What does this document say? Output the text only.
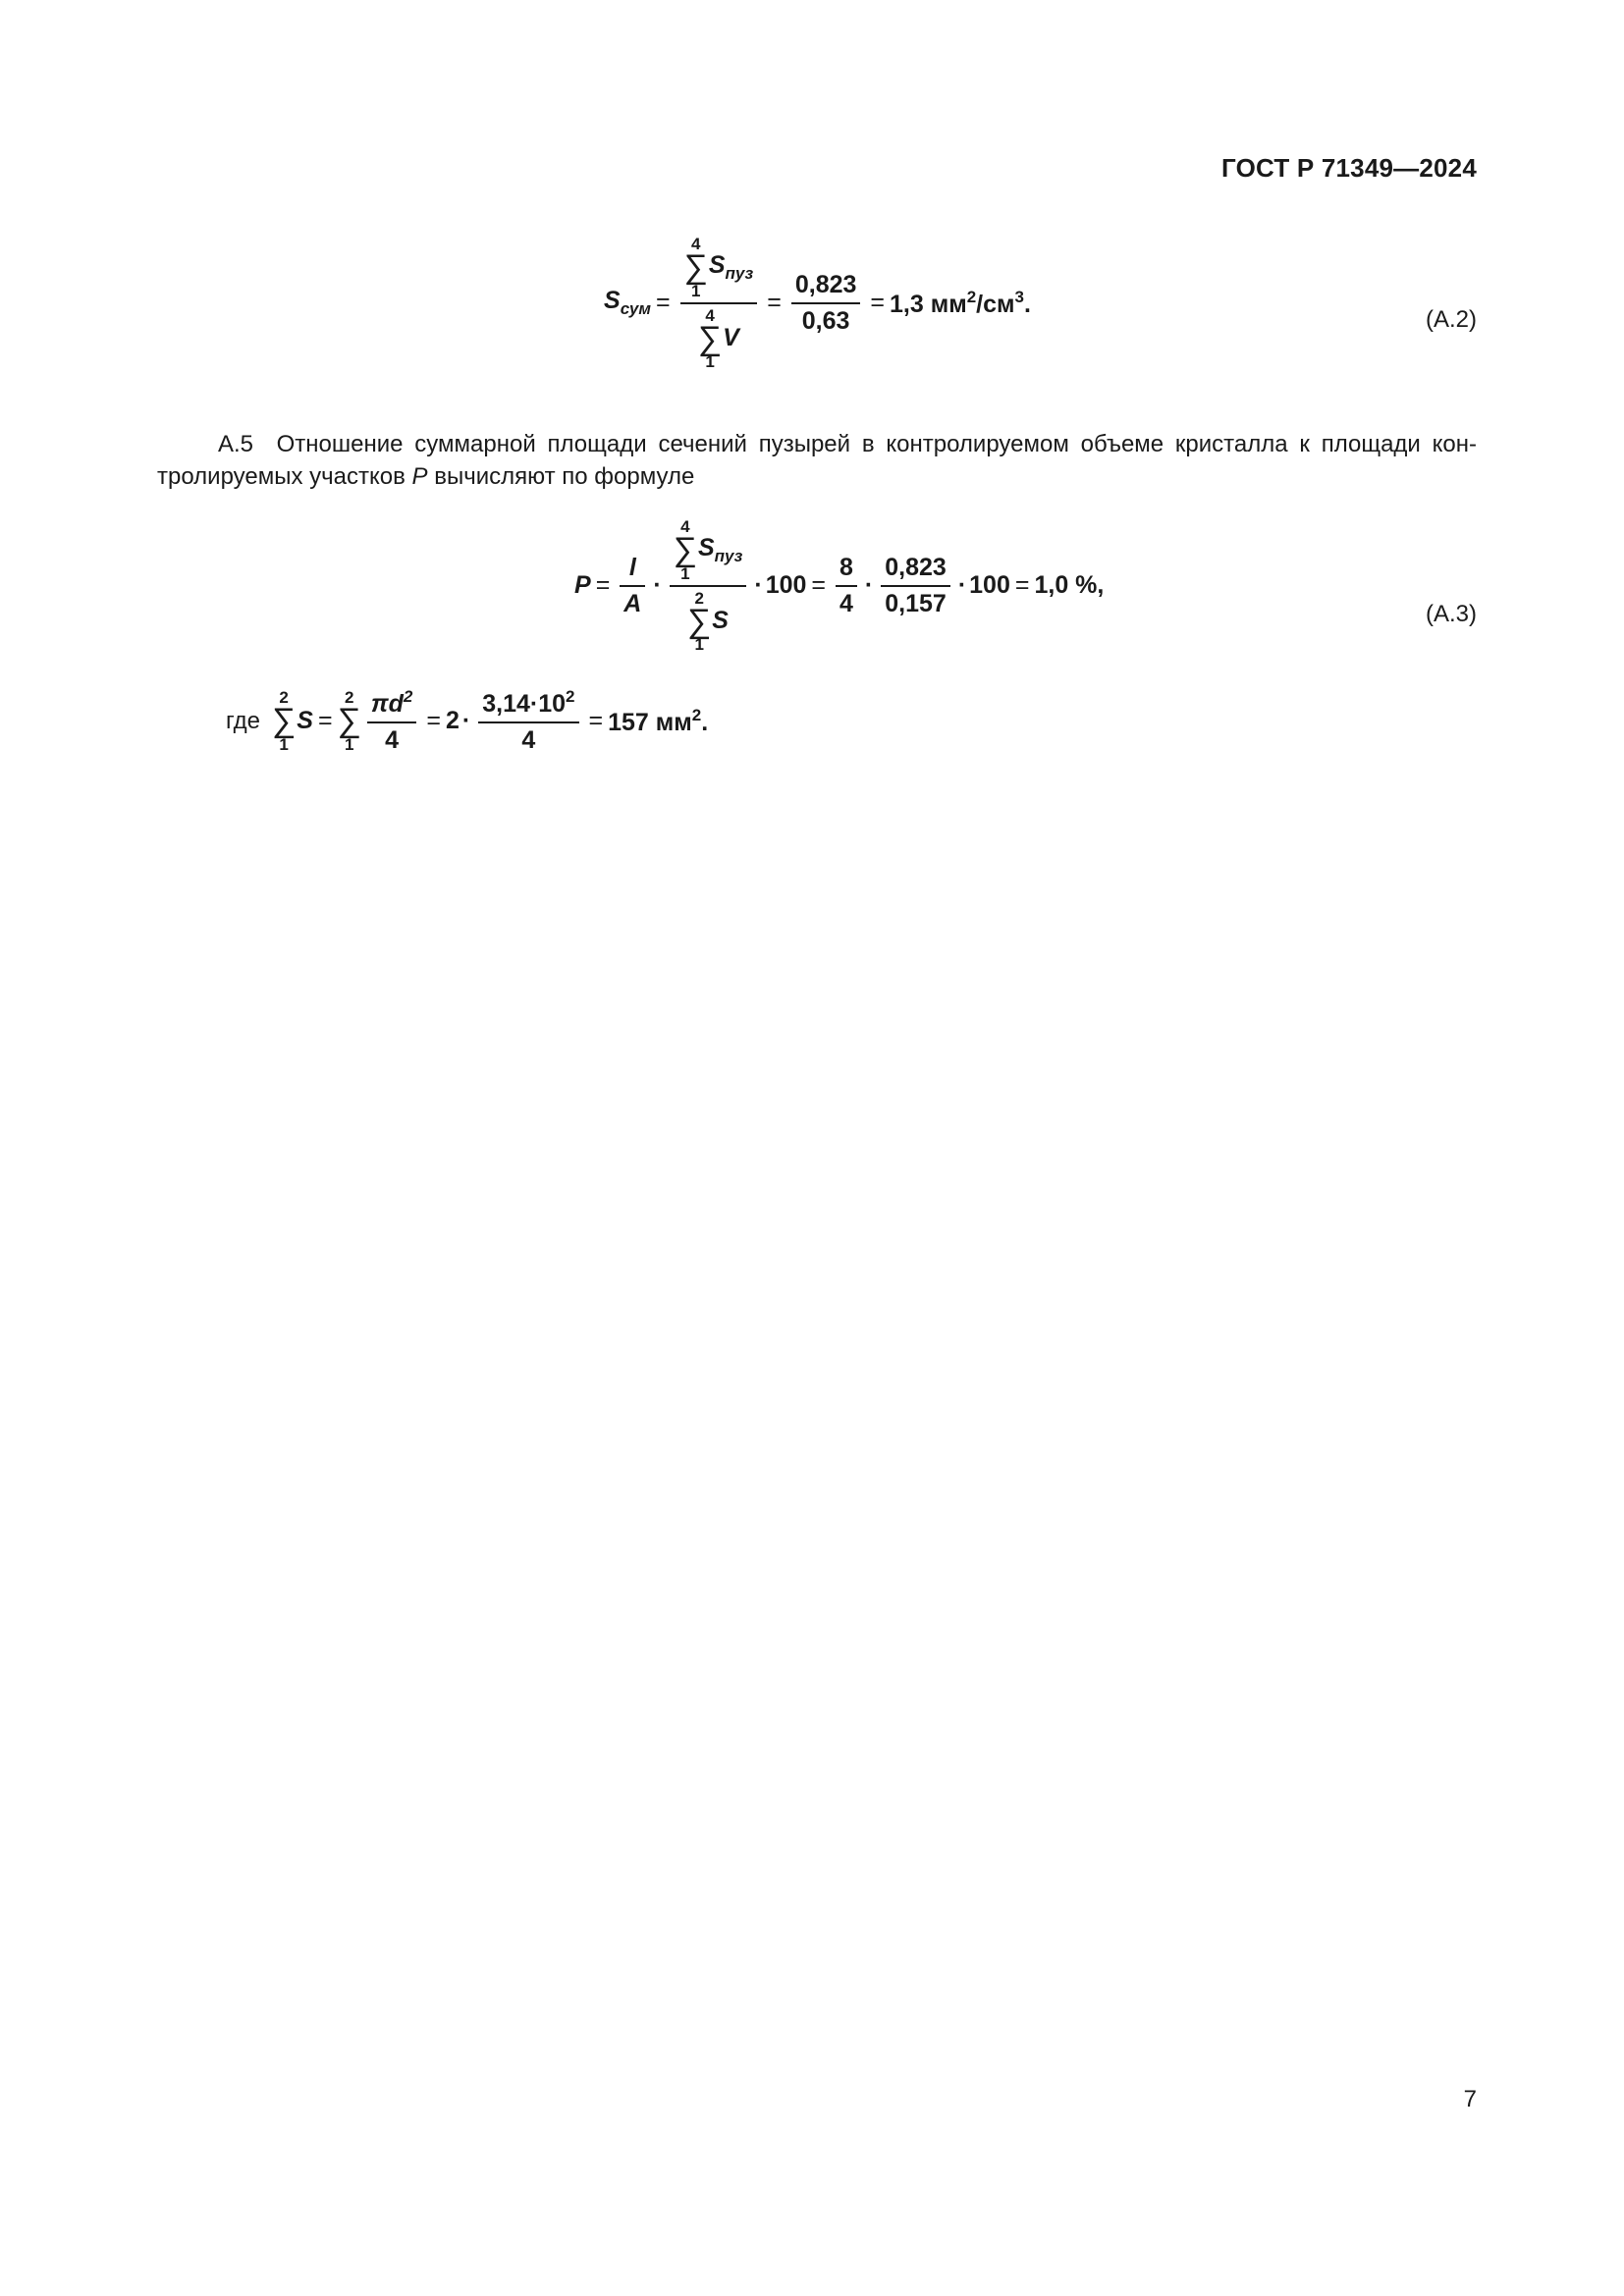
ГОСТ Р 71349—2024
$S_{сум} = 4$
∑
1
$S_{пуз}$
4
∑
1
$V = \frac{0,823}{0,63} = 1,3$ $мм^2/см^3$.
(А.2)
А.5 Отношение суммарной площади сечений пузырей в контролируемом объеме кристалла к площади контролируемых участков P вычисляют по формуле
$P = \frac{l}{A} \cdot 4$
∑
1
$S_{пуз}$
2
∑
1
$S \cdot 100 = \frac{8}{4} \cdot \frac{0,823}{0,157} \cdot 100 = 1,0$ %,
(А.3)
где
2
∑
1
S =
2
∑
$1 \frac{\pi d^2}{4} = 2 \cdot \frac{3,14\cdot 10^2}{4} = 157$ $мм^2$.
7
